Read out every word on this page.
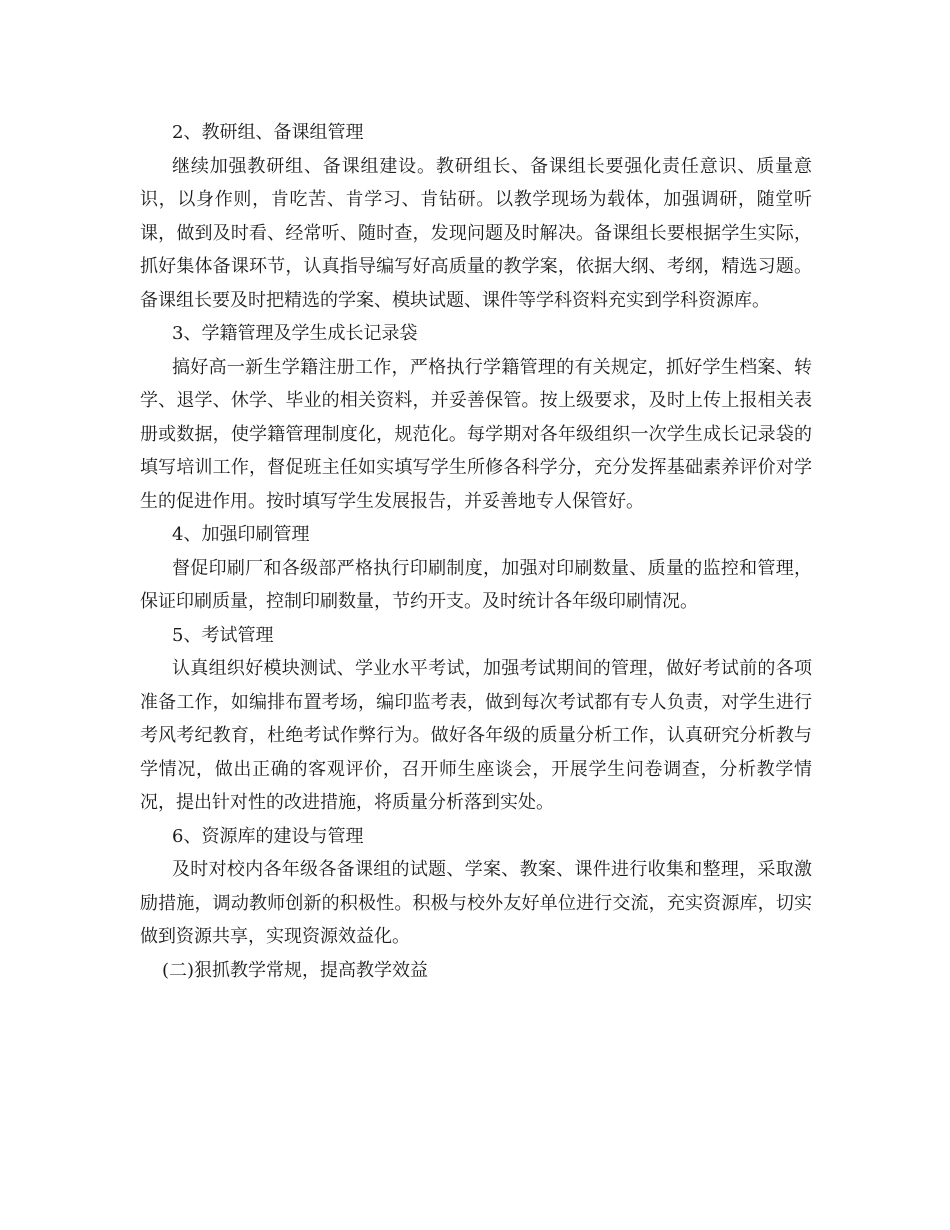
2、教研组、备课组管理

继续加强教研组、备课组建设。教研组长、备课组长要强化责任意识、质量意识，以身作则，肯吃苦、肯学习、肯钻研。以教学现场为载体，加强调研，随堂听课，做到及时看、经常听、随时查，发现问题及时解决。备课组长要根据学生实际，抓好集体备课环节，认真指导编写好高质量的教学案，依据大纲、考纲，精选习题。备课组长要及时把精选的学案、模块试题、课件等学科资料充实到学科资源库。

3、学籍管理及学生成长记录袋

搞好高一新生学籍注册工作，严格执行学籍管理的有关规定，抓好学生档案、转学、退学、休学、毕业的相关资料，并妥善保管。按上级要求，及时上传上报相关表册或数据，使学籍管理制度化，规范化。每学期对各年级组织一次学生成长记录袋的填写培训工作，督促班主任如实填写学生所修各科学分，充分发挥基础素养评价对学生的促进作用。按时填写学生发展报告，并妥善地专人保管好。

4、加强印刷管理

督促印刷厂和各级部严格执行印刷制度，加强对印刷数量、质量的监控和管理，保证印刷质量，控制印刷数量，节约开支。及时统计各年级印刷情况。

5、考试管理

认真组织好模块测试、学业水平考试，加强考试期间的管理，做好考试前的各项准备工作，如编排布置考场，编印监考表，做到每次考试都有专人负责，对学生进行考风考纪教育，杜绝考试作弊行为。做好各年级的质量分析工作，认真研究分析教与学情况，做出正确的客观评价，召开师生座谈会，开展学生问卷调查，分析教学情况，提出针对性的改进措施，将质量分析落到实处。

6、资源库的建设与管理

及时对校内各年级各备课组的试题、学案、教案、课件进行收集和整理，采取激励措施，调动教师创新的积极性。积极与校外友好单位进行交流，充实资源库，切实做到资源共享，实现资源效益化。

(二)狠抓教学常规，提高教学效益
